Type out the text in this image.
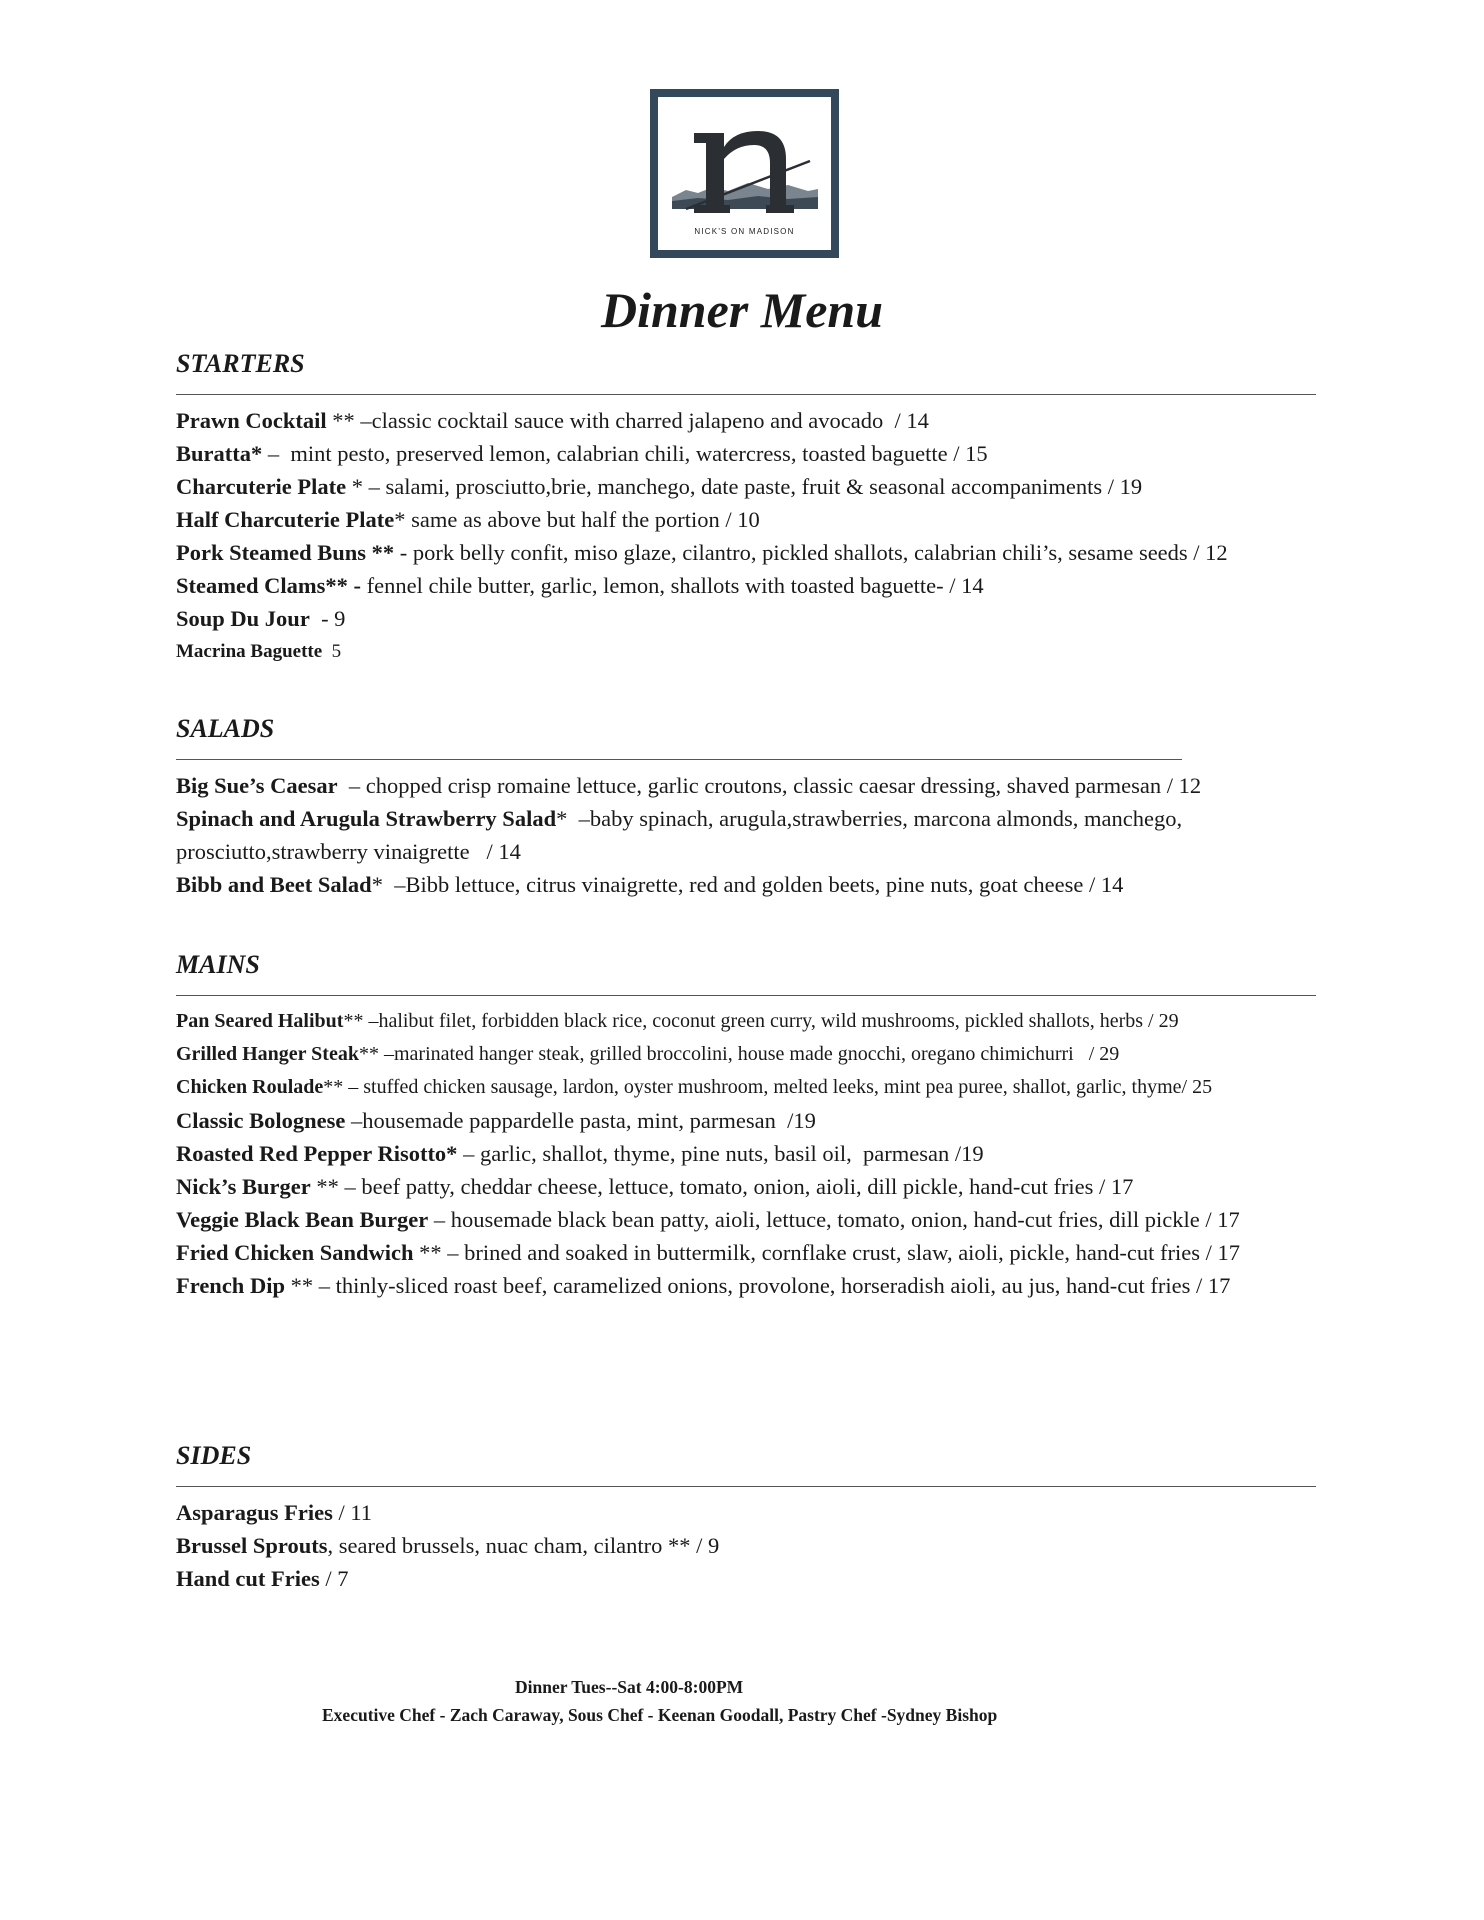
NICK'S ON MADISON
Dinner Menu
STARTERS
Prawn Cocktail ** –classic cocktail sauce with charred jalapeno and avocado  / 14
Buratta* –  mint pesto, preserved lemon, calabrian chili, watercress, toasted baguette / 15
Charcuterie Plate * – salami, prosciutto,brie, manchego, date paste, fruit & seasonal accompaniments / 19
Half Charcuterie Plate* same as above but half the portion / 10
Pork Steamed Buns ** - pork belly confit, miso glaze, cilantro, pickled shallots, calabrian chili’s, sesame seeds / 12
Steamed Clams** - fennel chile butter, garlic, lemon, shallots with toasted baguette- / 14
Soup Du Jour  - 9
Macrina Baguette  5
SALADS
Big Sue’s Caesar  – chopped crisp romaine lettuce, garlic croutons, classic caesar dressing, shaved parmesan / 12
Spinach and Arugula Strawberry Salad*  –baby spinach, arugula,strawberries, marcona almonds, manchego, prosciutto,strawberry vinaigrette   / 14
Bibb and Beet Salad*  –Bibb lettuce, citrus vinaigrette, red and golden beets, pine nuts, goat cheese / 14
MAINS
Pan Seared Halibut** –halibut filet, forbidden black rice, coconut green curry, wild mushrooms, pickled shallots, herbs / 29
Grilled Hanger Steak** –marinated hanger steak, grilled broccolini, house made gnocchi, oregano chimichurri   / 29
Chicken Roulade** – stuffed chicken sausage, lardon, oyster mushroom, melted leeks, mint pea puree, shallot, garlic, thyme/ 25
Classic Bolognese –housemade pappardelle pasta, mint, parmesan  /19
Roasted Red Pepper Risotto* – garlic, shallot, thyme, pine nuts, basil oil,  parmesan /19
Nick’s Burger ** – beef patty, cheddar cheese, lettuce, tomato, onion, aioli, dill pickle, hand-cut fries / 17
Veggie Black Bean Burger – housemade black bean patty, aioli, lettuce, tomato, onion, hand-cut fries, dill pickle / 17
Fried Chicken Sandwich ** – brined and soaked in buttermilk, cornflake crust, slaw, aioli, pickle, hand-cut fries / 17
French Dip ** – thinly-sliced roast beef, caramelized onions, provolone, horseradish aioli, au jus, hand-cut fries / 17
SIDES
Asparagus Fries / 11
Brussel Sprouts, seared brussels, nuac cham, cilantro ** / 9
Hand cut Fries / 7
Dinner Tues--Sat 4:00-8:00PM
Executive Chef - Zach Caraway, Sous Chef - Keenan Goodall, Pastry Chef -Sydney Bishop
